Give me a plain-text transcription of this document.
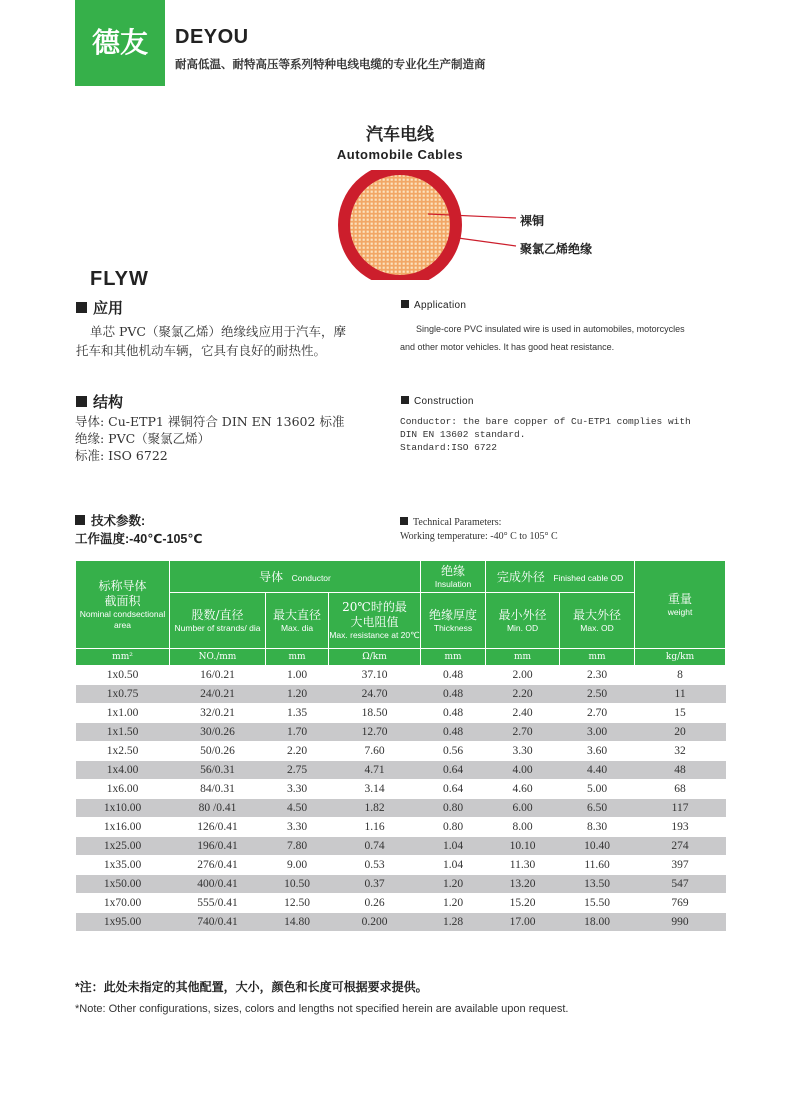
德友	DEYOU
耐高低温、耐特高压等系列特种电线电缆的专业化生产制造商
汽车电线
Automobile Cables
裸铜
聚氯乙烯绝缘
FLYW
应用
单芯 PVC（聚氯乙烯）绝缘线应用于汽车，摩
托车和其他机动车辆，它具有良好的耐热性。
Application
Single-core PVC insulated wire is used in automobiles, motorcycles
and other motor vehicles. It has good heat resistance.
结构
导体: Cu-ETP1 裸铜符合 DIN EN 13602 标准
绝缘: PVC（聚氯乙烯）
标准: ISO 6722
Construction
Conductor: the bare copper of Cu-ETP1 complies with
DIN EN 13602 standard.
Standard:ISO 6722
技术参数:
工作温度:-40℃-105℃
Technical Parameters:
Working temperature: -40° C to 105° C
标称导体
截面积
Nominal condsectional area	导体 Conductor			绝缘
Insulation	完成外径 Finished cable OD		重量
weight

	股数/直径
Number of strands/ dia	最大直径
Max. dia	20℃时的最
大电阻值
Max. resistance at 20℃	绝缘厚度
Thickness	最小外径
Min. OD	最大外径
Max. OD	

mm²	NO./mm	mm	Ω/km	mm	mm	mm	kg/km
1x0.50	16/0.21	1.00	37.10	0.48	2.00	2.30	8
1x0.75	24/0.21	1.20	24.70	0.48	2.20	2.50	11
1x1.00	32/0.21	1.35	18.50	0.48	2.40	2.70	15
1x1.50	30/0.26	1.70	12.70	0.48	2.70	3.00	20
1x2.50	50/0.26	2.20	7.60	0.56	3.30	3.60	32
1x4.00	56/0.31	2.75	4.71	0.64	4.00	4.40	48
1x6.00	84/0.31	3.30	3.14	0.64	4.60	5.00	68
1x10.00	80 /0.41	4.50	1.82	0.80	6.00	6.50	117
1x16.00	126/0.41	3.30	1.16	0.80	8.00	8.30	193
1x25.00	196/0.41	7.80	0.74	1.04	10.10	10.40	274
1x35.00	276/0.41	9.00	0.53	1.04	11.30	11.60	397
1x50.00	400/0.41	10.50	0.37	1.20	13.20	13.50	547
1x70.00	555/0.41	12.50	0.26	1.20	15.20	15.50	769
1x95.00	740/0.41	14.80	0.200	1.28	17.00	18.00	990
*注：此处未指定的其他配置，大小，颜色和长度可根据要求提供。
*Note: Other configurations, sizes, colors and lengths not specified herein are available upon request.
